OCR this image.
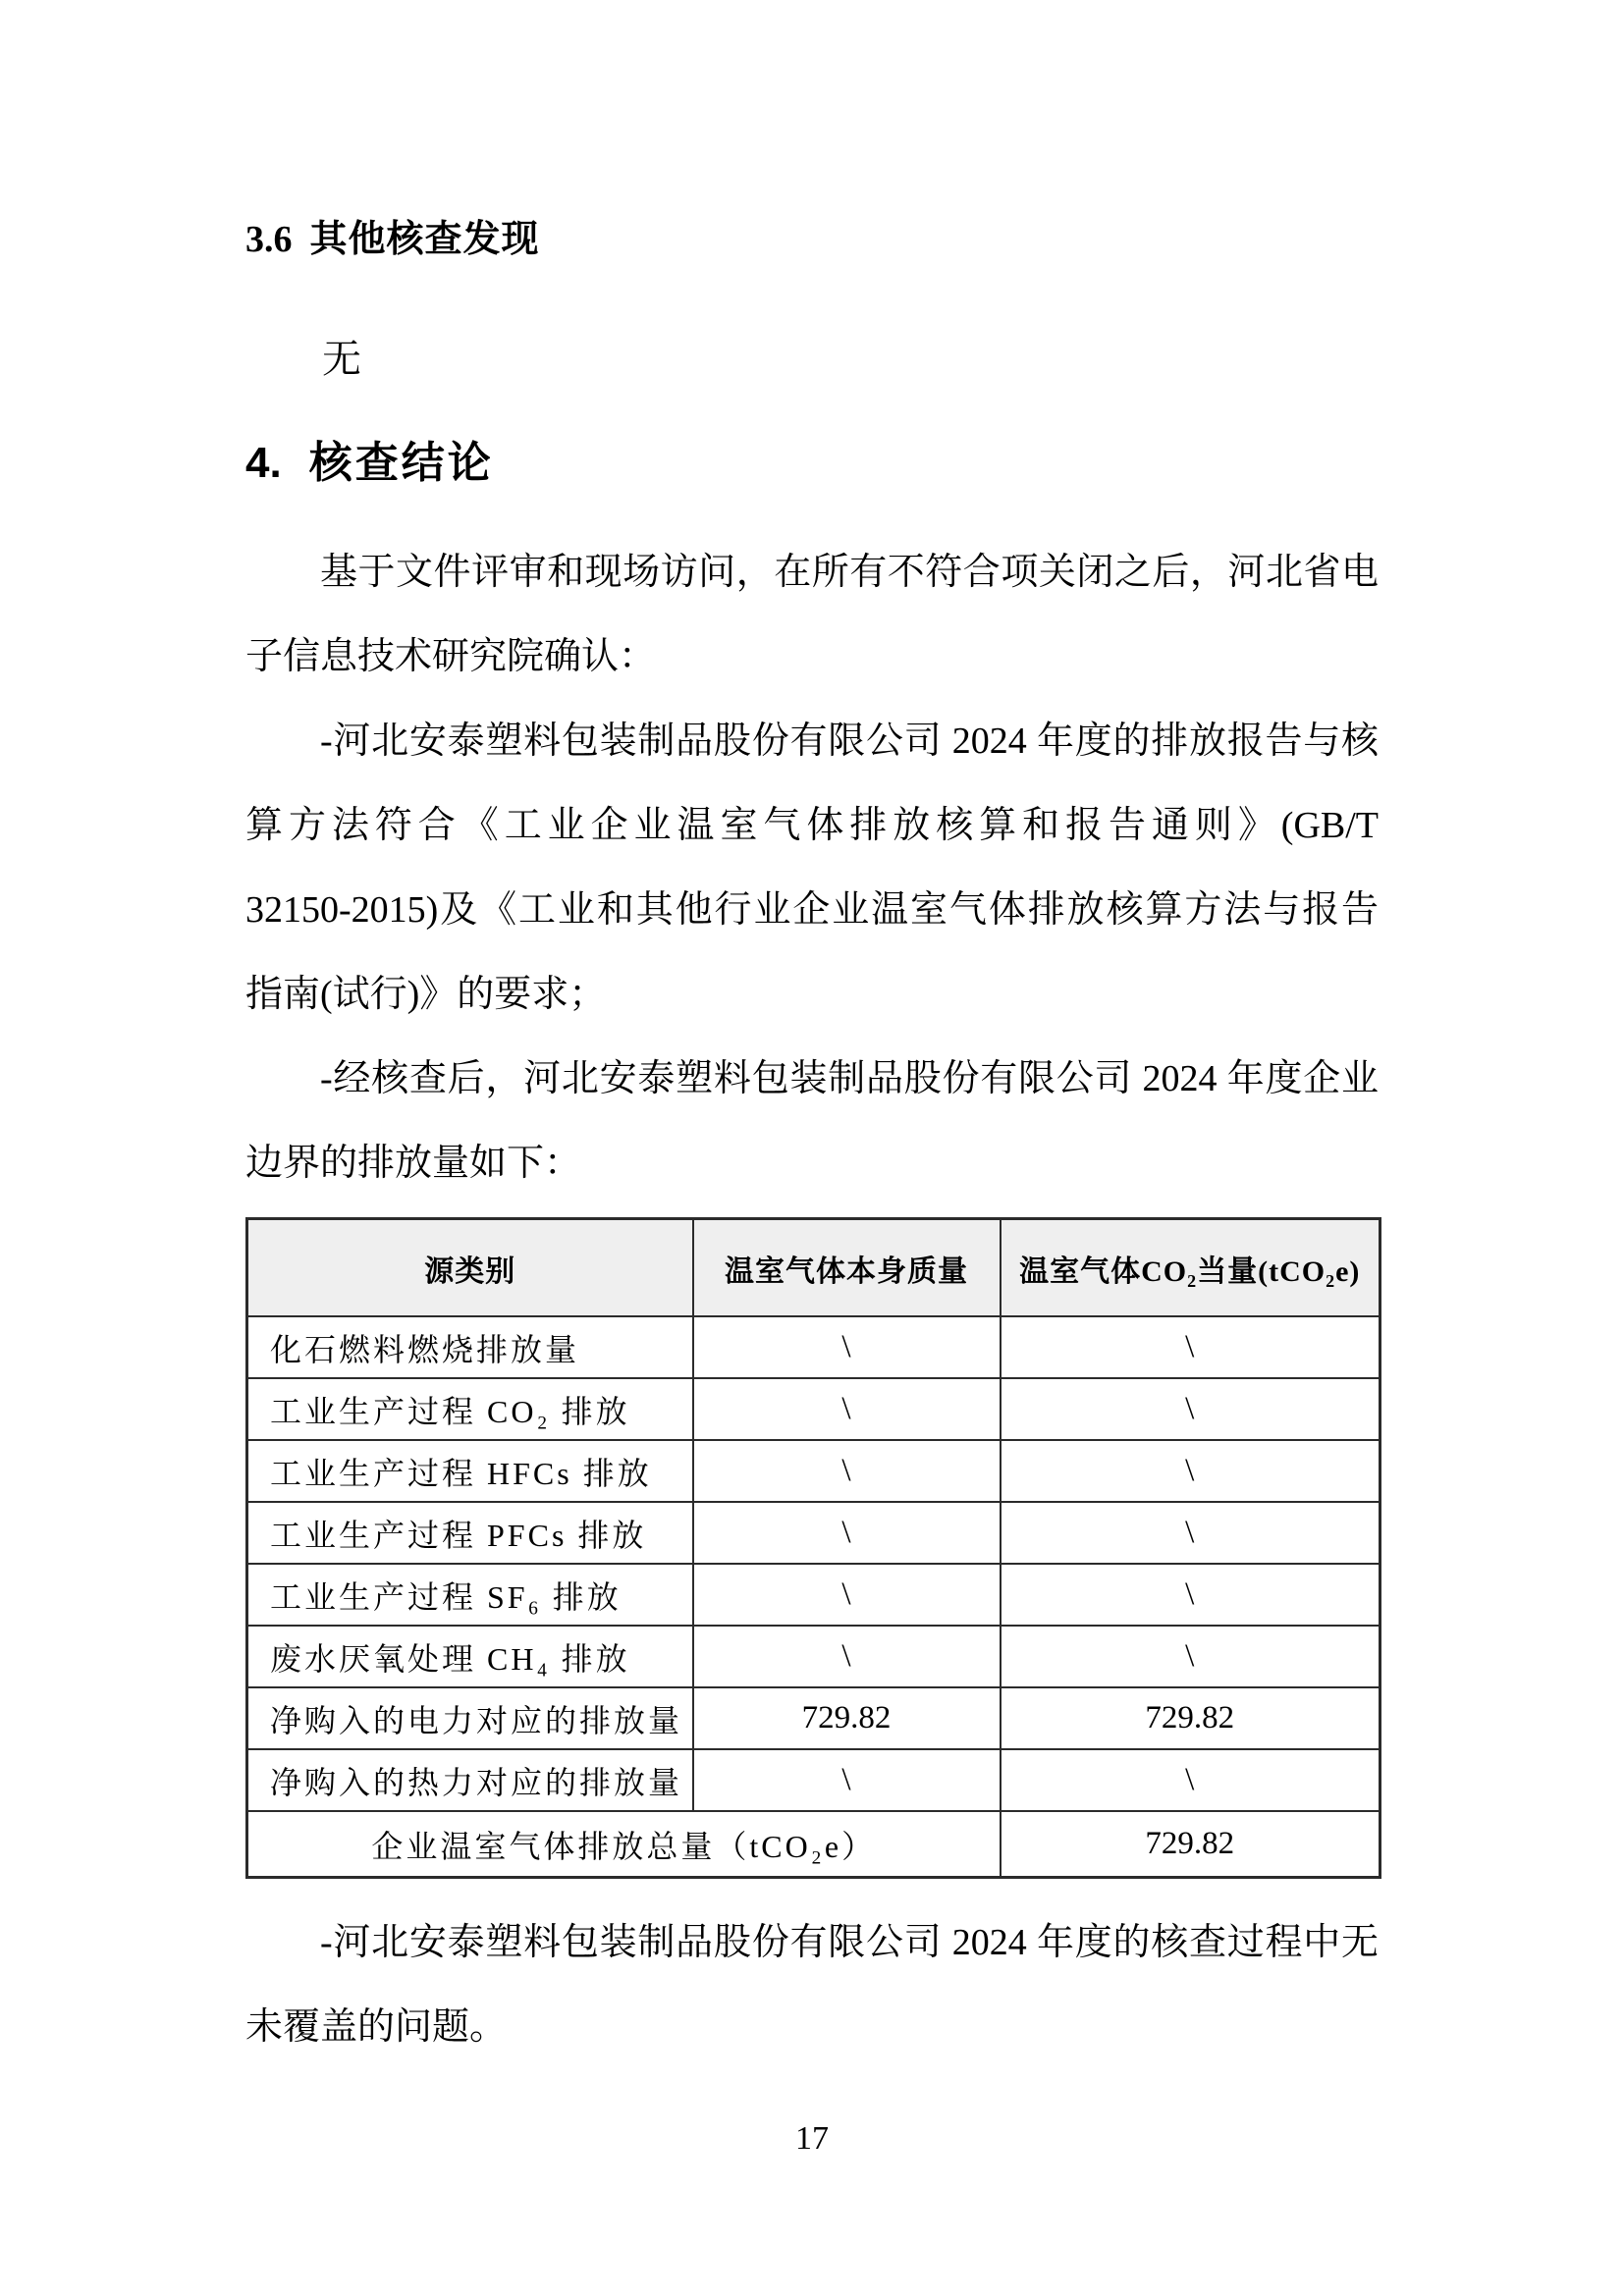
3.6 其他核查发现
无
4. 核查结论
基于文件评审和现场访问，在所有不符合项关闭之后，河北省电
子信息技术研究院确认：
-河北安泰塑料包装制品股份有限公司 2024 年度的排放报告与核
算方法符合《工业企业温室气体排放核算和报告通则》(GB/T
32150-2015)及《工业和其他行业企业温室气体排放核算方法与报告
指南(试行)》的要求；
-经核查后，河北安泰塑料包装制品股份有限公司 2024 年度企业
边界的排放量如下：
源类别	温室气体本身质量	温室气体CO₂当量(tCO₂e)
化石燃料燃烧排放量	\	\
工业生产过程 CO₂ 排放	\	\
工业生产过程 HFCs 排放	\	\
工业生产过程 PFCs 排放	\	\
工业生产过程 SF₆ 排放	\	\
废水厌氧处理 CH₄ 排放	\	\
净购入的电力对应的排放量	729.82	729.82
净购入的热力对应的排放量	\	\
企业温室气体排放总量（tCO₂e）		729.82
-河北安泰塑料包装制品股份有限公司 2024 年度的核查过程中无
未覆盖的问题。
17
